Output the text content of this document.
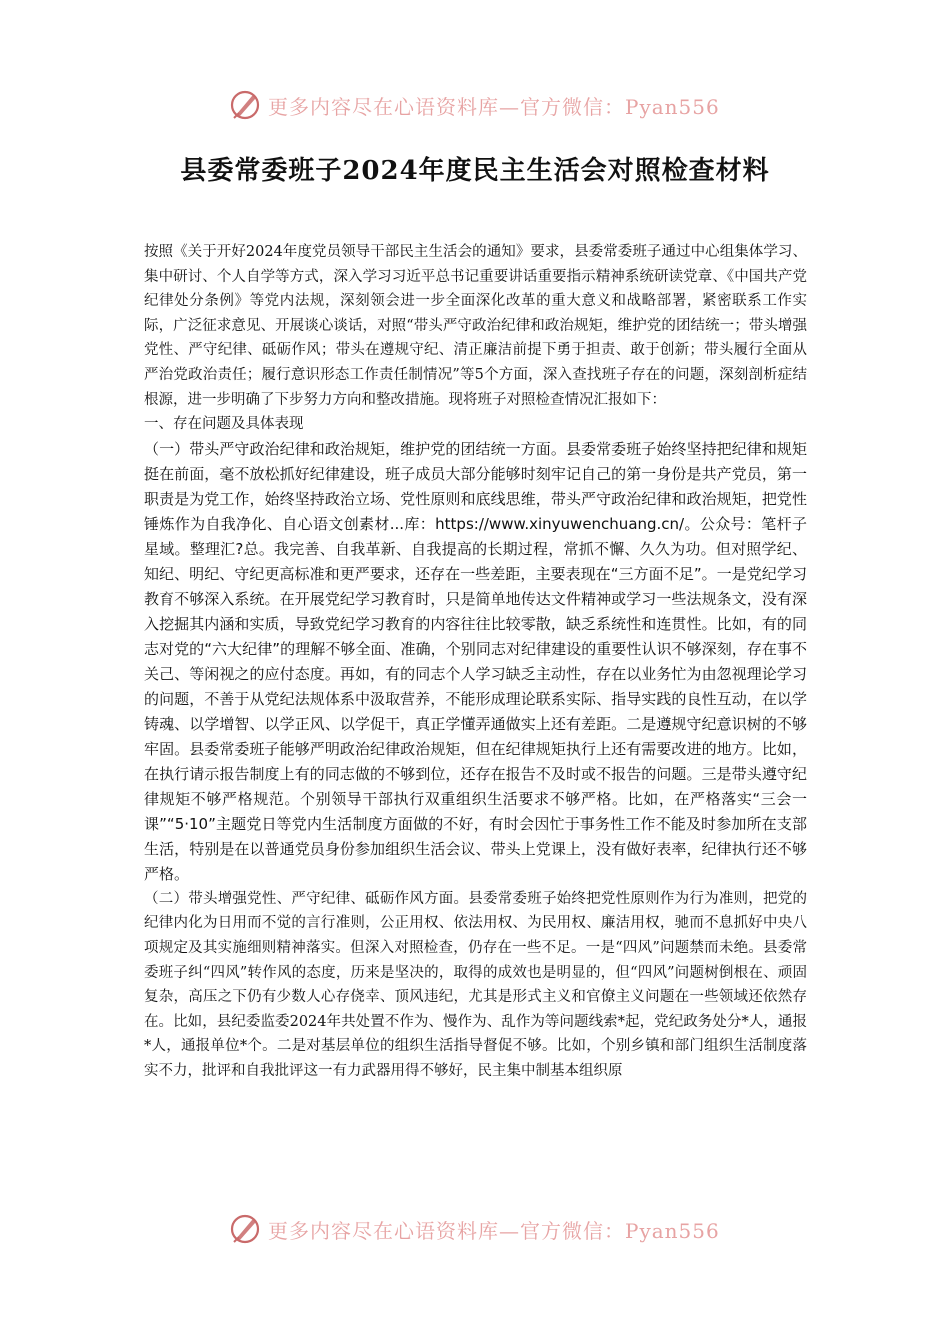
更多内容尽在心语资料库—官方微信：Pyan556
县委常委班子2024年度民主生活会对照检查材料

按照《关于开好2024年度党员领导干部民主生活会的通知》要求，县委常委班子通过中心组集体学习、集中研讨、个人自学等方式，深入学习习近平总书记重要讲话重要指示精神系统研读党章、《中国共产党纪律处分条例》等党内法规，深刻领会进一步全面深化改革的重大意义和战略部署，紧密联系工作实际，广泛征求意见、开展谈心谈话，对照“带头严守政治纪律和政治规矩，维护党的团结统一；带头增强党性、严守纪律、砥砺作风；带头在遵规守纪、清正廉洁前提下勇于担责、敢于创新；带头履行全面从严治党政治责任；履行意识形态工作责任制情况”等5个方面，深入查找班子存在的问题，深刻剖析症结根源，进一步明确了下步努力方向和整改措施。现将班子对照检查情况汇报如下：

一、存在问题及具体表现

（一）带头严守政治纪律和政治规矩，维护党的团结统一方面。县委常委班子始终坚持把纪律和规矩挺在前面，毫不放松抓好纪律建设，班子成员大部分能够时刻牢记自己的第一身份是共产党员，第一职责是为党工作，始终坚持政治立场、党性原则和底线思维，带头严守政治纪律和政治规矩，把党性锤炼作为自我净化、自心语文创素材...库：https://www.xinyuwenchuang.cn/。公众号：笔杆子星域。整理汇?总。我完善、自我革新、自我提高的长期过程，常抓不懈、久久为功。但对照学纪、知纪、明纪、守纪更高标准和更严要求，还存在一些差距，主要表现在“三方面不足”。一是党纪学习教育不够深入系统。在开展党纪学习教育时，只是简单地传达文件精神或学习一些法规条文，没有深入挖掘其内涵和实质，导致党纪学习教育的内容往往比较零散，缺乏系统性和连贯性。比如，有的同志对党的“六大纪律”的理解不够全面、准确，个别同志对纪律建设的重要性认识不够深刻，存在事不关己、等闲视之的应付态度。再如，有的同志个人学习缺乏主动性，存在以业务忙为由忽视理论学习的问题，不善于从党纪法规体系中汲取营养，不能形成理论联系实际、指导实践的良性互动，在以学铸魂、以学增智、以学正风、以学促干，真正学懂弄通做实上还有差距。二是遵规守纪意识树的不够牢固。县委常委班子能够严明政治纪律政治规矩，但在纪律规矩执行上还有需要改进的地方。比如，在执行请示报告制度上有的同志做的不够到位，还存在报告不及时或不报告的问题。三是带头遵守纪律规矩不够严格规范。个别领导干部执行双重组织生活要求不够严格。比如，在严格落实“三会一课”“5·10”主题党日等党内生活制度方面做的不好，有时会因忙于事务性工作不能及时参加所在支部生活，特别是在以普通党员身份参加组织生活会议、带头上党课上，没有做好表率，纪律执行还不够严格。

（二）带头增强党性、严守纪律、砥砺作风方面。县委常委班子始终把党性原则作为行为准则，把党的纪律内化为日用而不觉的言行准则，公正用权、依法用权、为民用权、廉洁用权，驰而不息抓好中央八项规定及其实施细则精神落实。但深入对照检查，仍存在一些不足。一是“四风”问题禁而未绝。县委常委班子纠“四风”转作风的态度，历来是坚决的，取得的成效也是明显的，但“四风”问题树倒根在、顽固复杂，高压之下仍有少数人心存侥幸、顶风违纪，尤其是形式主义和官僚主义问题在一些领域还依然存在。比如，县纪委监委2024年共处置不作为、慢作为、乱作为等问题线索*起，党纪政务处分*人，通报*人，通报单位*个。二是对基层单位的组织生活指导督促不够。比如，个别乡镇和部门组织生活制度落实不力，批评和自我批评这一有力武器用得不够好，民主集中制基本组织原

更多内容尽在心语资料库—官方微信：Pyan556
